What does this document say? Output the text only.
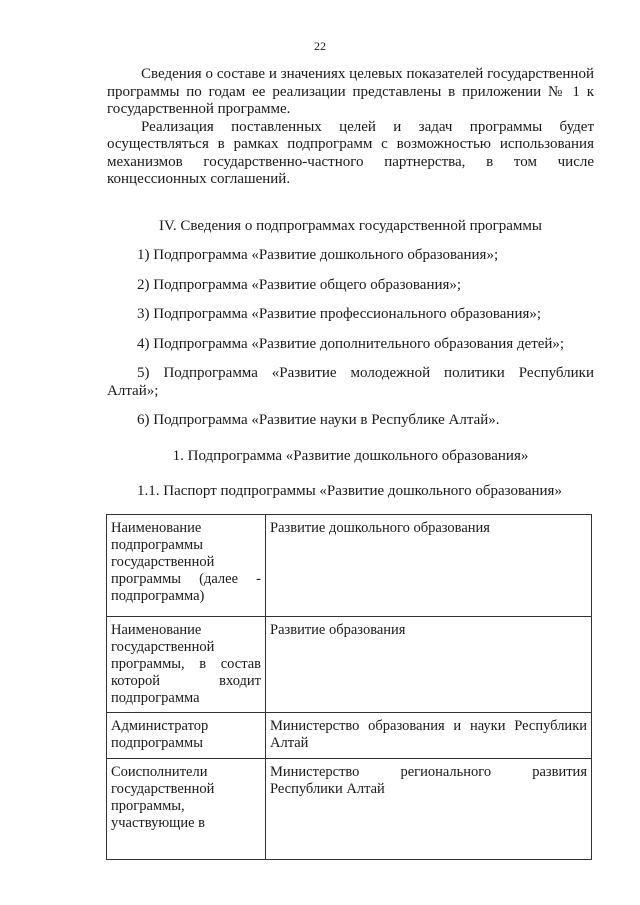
22

Сведения о составе и значениях целевых показателей государственной программы по годам ее реализации представлены в приложении № 1 к государственной программе.

Реализация поставленных целей и задач программы будет осуществляться в рамках подпрограмм с возможностью использования механизмов государственно-частного партнерства, в том числе концессионных соглашений.

IV. Сведения о подпрограммах государственной программы
1) Подпрограмма «Развитие дошкольного образования»;
2) Подпрограмма «Развитие общего образования»;
3) Подпрограмма «Развитие профессионального образования»;
4) Подпрограмма «Развитие дополнительного образования детей»;
5) Подпрограмма «Развитие молодежной политики Республики Алтай»;
6) Подпрограмма «Развитие науки в Республике Алтай».
1. Подпрограмма «Развитие дошкольного образования»

1.1. Паспорт подпрограммы «Развитие дошкольного образования»

Наименование подпрограммы государственной программы (далее - подпрограмма)	Развитие дошкольного образования
Наименование государственной программы, в состав которой входит подпрограмма	Развитие образования
Администратор подпрограммы	Министерство образования и науки Республики Алтай
Соисполнители государственной программы, участвующие в	Министерство регионального развития Республики Алтай
